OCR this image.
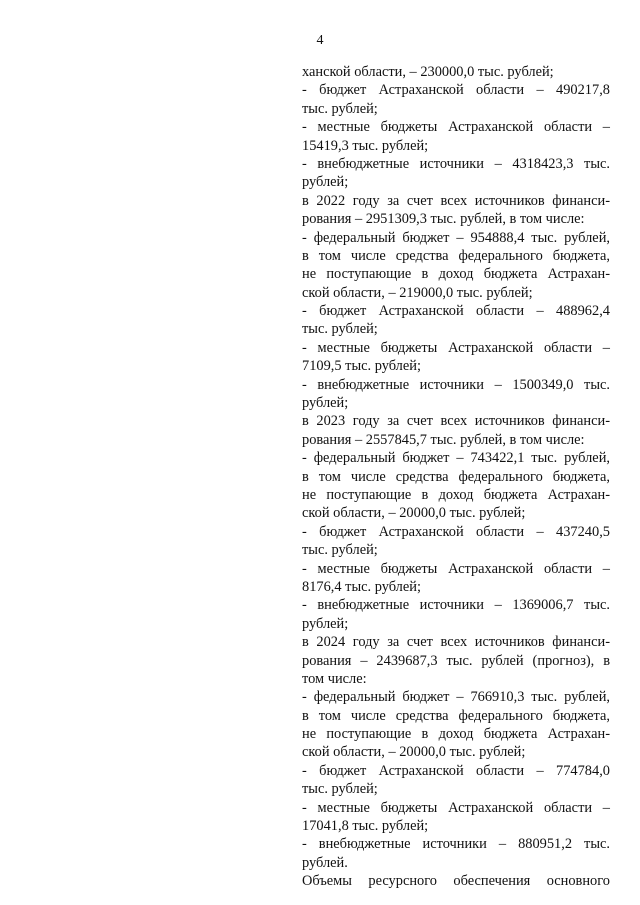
4
ханской области, – 230000,0 тыс. рублей;
- бюджет Астраханской области – 490217,8
тыс. рублей;
- местные бюджеты Астраханской области –
15419,3 тыс. рублей;
- внебюджетные источники – 4318423,3 тыс.
рублей;
в 2022 году за счет всех источников финанси-
рования – 2951309,3 тыс. рублей, в том числе:
- федеральный бюджет – 954888,4 тыс. рублей,
в том числе средства федерального бюджета,
не поступающие в доход бюджета Астрахан-
ской области, – 219000,0 тыс. рублей;
- бюджет Астраханской области – 488962,4
тыс. рублей;
- местные бюджеты Астраханской области –
7109,5 тыс. рублей;
- внебюджетные источники – 1500349,0 тыс.
рублей;
в 2023 году за счет всех источников финанси-
рования – 2557845,7 тыс. рублей, в том числе:
- федеральный бюджет – 743422,1 тыс. рублей,
в том числе средства федерального бюджета,
не поступающие в доход бюджета Астрахан-
ской области, – 20000,0 тыс. рублей;
- бюджет Астраханской области – 437240,5
тыс. рублей;
- местные бюджеты Астраханской области –
8176,4 тыс. рублей;
- внебюджетные источники – 1369006,7 тыс.
рублей;
в 2024 году за счет всех источников финанси-
рования – 2439687,3 тыс. рублей (прогноз), в
том числе:
- федеральный бюджет – 766910,3 тыс. рублей,
в том числе средства федерального бюджета,
не поступающие в доход бюджета Астрахан-
ской области, – 20000,0 тыс. рублей;
- бюджет Астраханской области – 774784,0
тыс. рублей;
- местные бюджеты Астраханской области –
17041,8 тыс. рублей;
- внебюджетные источники – 880951,2 тыс.
рублей.
Объемы ресурсного обеспечения основного
